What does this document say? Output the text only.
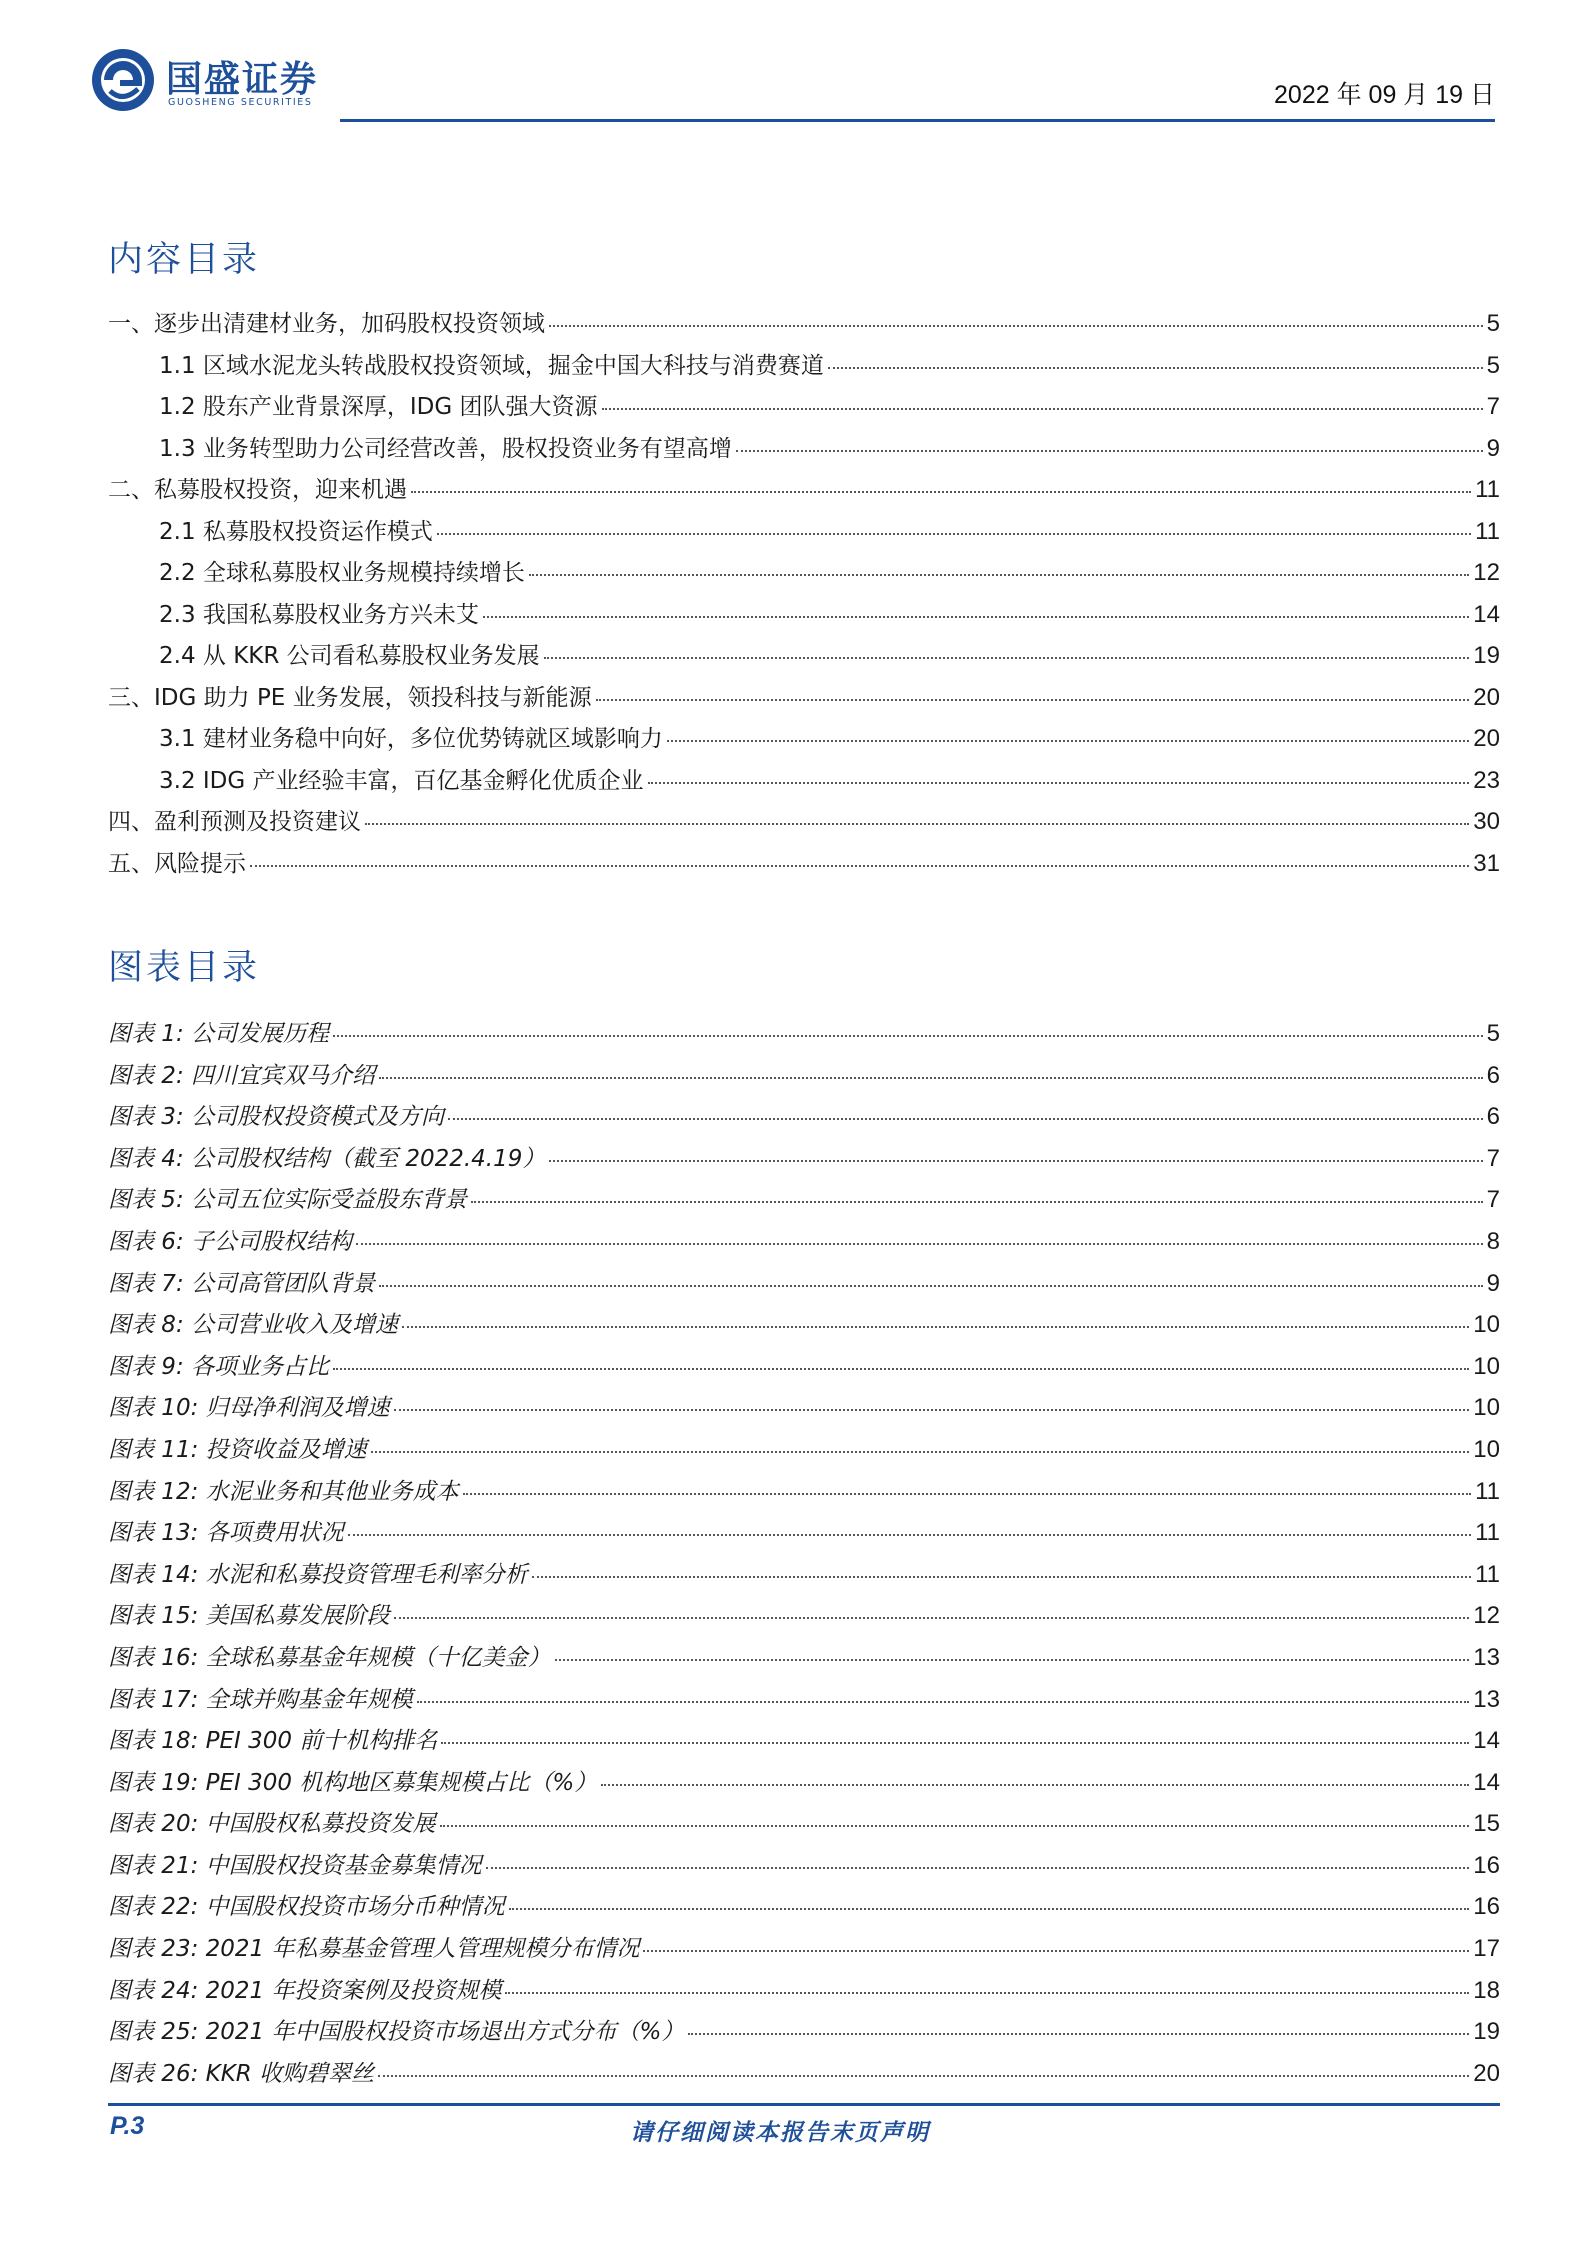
国盛证券
GUOSHENG SECURITIES	2022 年 09 月 19 日
内容目录
一、逐步出清建材业务，加码股权投资领域	5
1.1 区域水泥龙头转战股权投资领域，掘金中国大科技与消费赛道	5
1.2 股东产业背景深厚，IDG 团队强大资源	7
1.3 业务转型助力公司经营改善，股权投资业务有望高增	9
二、私募股权投资，迎来机遇	11
2.1 私募股权投资运作模式	11
2.2 全球私募股权业务规模持续增长	12
2.3 我国私募股权业务方兴未艾	14
2.4 从 KKR 公司看私募股权业务发展	19
三、IDG 助力 PE 业务发展，领投科技与新能源	20
3.1 建材业务稳中向好，多位优势铸就区域影响力	20
3.2 IDG 产业经验丰富，百亿基金孵化优质企业	23
四、盈利预测及投资建议	30
五、风险提示	31
图表目录
图表 1: 公司发展历程	5
图表 2: 四川宜宾双马介绍	6
图表 3: 公司股权投资模式及方向	6
图表 4: 公司股权结构（截至 2022.4.19）	7
图表 5: 公司五位实际受益股东背景	7
图表 6: 子公司股权结构	8
图表 7: 公司高管团队背景	9
图表 8: 公司营业收入及增速	10
图表 9: 各项业务占比	10
图表 10: 归母净利润及增速	10
图表 11: 投资收益及增速	10
图表 12: 水泥业务和其他业务成本	11
图表 13: 各项费用状况	11
图表 14: 水泥和私募投资管理毛利率分析	11
图表 15: 美国私募发展阶段	12
图表 16: 全球私募基金年规模（十亿美金）	13
图表 17: 全球并购基金年规模	13
图表 18: PEI 300 前十机构排名	14
图表 19: PEI 300 机构地区募集规模占比（%）	14
图表 20: 中国股权私募投资发展	15
图表 21: 中国股权投资基金募集情况	16
图表 22: 中国股权投资市场分币种情况	16
图表 23: 2021 年私募基金管理人管理规模分布情况	17
图表 24: 2021 年投资案例及投资规模	18
图表 25: 2021 年中国股权投资市场退出方式分布（%）	19
图表 26: KKR 收购碧翠丝	20
P.3	请仔细阅读本报告末页声明
